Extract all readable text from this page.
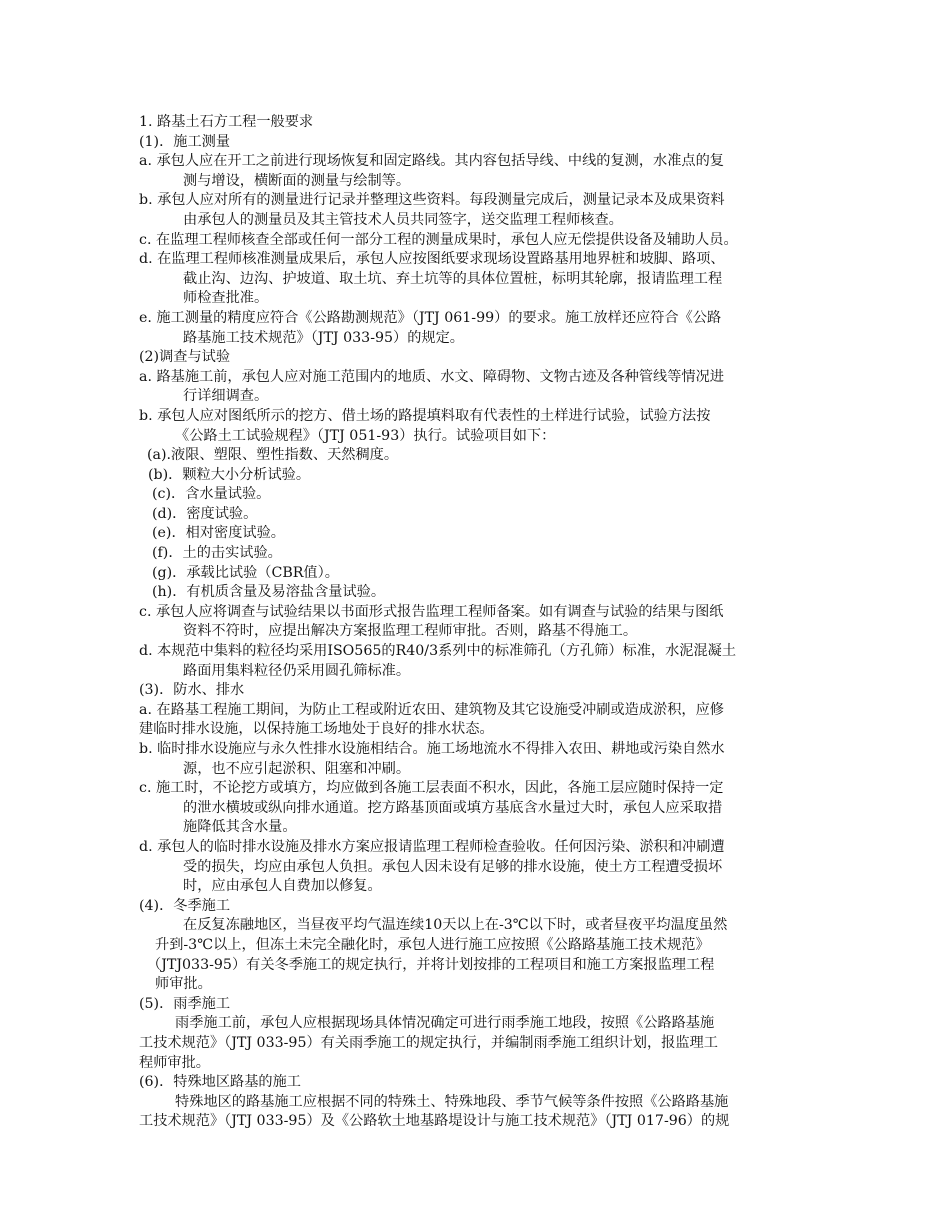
1. 路基土石方工程一般要求
(1)．施工测量
a. 承包人应在开工之前进行现场恢复和固定路线。其内容包括导线、中线的复测，水准点的复
测与增设，横断面的测量与绘制等。
b. 承包人应对所有的测量进行记录并整理这些资料。每段测量完成后，测量记录本及成果资料
由承包人的测量员及其主管技术人员共同签字，送交监理工程师核查。
c. 在监理工程师核查全部或任何一部分工程的测量成果时，承包人应无偿提供设备及辅助人员。
d. 在监理工程师核准测量成果后，承包人应按图纸要求现场设置路基用地界桩和坡脚、路项、
截止沟、边沟、护坡道、取土坑、弃土坑等的具体位置桩，标明其轮廓，报请监理工程
师检查批准。
e. 施工测量的精度应符合《公路勘测规范》（JTJ 061-99）的要求。施工放样还应符合《公路
路基施工技术规范》（JTJ 033-95）的规定。
(2)调查与试验
a. 路基施工前，承包人应对施工范围内的地质、水文、障碍物、文物古迹及各种管线等情况进
行详细调查。
b. 承包人应对图纸所示的挖方、借土场的路提填料取有代表性的土样进行试验，试验方法按
《公路土工试验规程》（JTJ 051-93）执行。试验项目如下：
(a).液限、塑限、塑性指数、天然稠度。
(b)．颗粒大小分析试验。
(c)．含水量试验。
(d)．密度试验。
(e)．相对密度试验。
(f)．土的击实试验。
(g)．承载比试验（CBR值）。
(h)．有机质含量及易溶盐含量试验。
c. 承包人应将调查与试验结果以书面形式报告监理工程师备案。如有调查与试验的结果与图纸
资料不符时，应提出解决方案报监理工程师审批。否则，路基不得施工。
d. 本规范中集料的粒径均采用ISO565的R40/3系列中的标准筛孔（方孔筛）标准，水泥混凝土
路面用集料粒径仍采用圆孔筛标准。
(3)．防水、排水
a. 在路基工程施工期间，为防止工程或附近农田、建筑物及其它设施受冲刷或造成淤积，应修
建临时排水设施，以保持施工场地处于良好的排水状态。
b. 临时排水设施应与永久性排水设施相结合。施工场地流水不得排入农田、耕地或污染自然水
源，也不应引起淤积、阻塞和冲刷。
c. 施工时，不论挖方或填方，均应做到各施工层表面不积水，因此，各施工层应随时保持一定
的泄水横坡或纵向排水通道。挖方路基顶面或填方基底含水量过大时，承包人应采取措
施降低其含水量。
d. 承包人的临时排水设施及排水方案应报请监理工程师检查验收。任何因污染、淤积和冲刷遭
受的损失，均应由承包人负担。承包人因未设有足够的排水设施，使土方工程遭受损坏
时，应由承包人自费加以修复。
(4)．冬季施工
在反复冻融地区，当昼夜平均气温连续10天以上在-3℃以下时，或者昼夜平均温度虽然
升到-3℃以上，但冻土未完全融化时，承包人进行施工应按照《公路路基施工技术规范》
（JTJ033-95）有关冬季施工的规定执行，并将计划按排的工程项目和施工方案报监理工程
师审批。
(5)．雨季施工
雨季施工前，承包人应根据现场具体情况确定可进行雨季施工地段，按照《公路路基施
工技术规范》（JTJ 033-95）有关雨季施工的规定执行，并编制雨季施工组织计划，报监理工
程师审批。
(6)．特殊地区路基的施工
特殊地区的路基施工应根据不同的特殊土、特殊地段、季节气候等条件按照《公路路基施
工技术规范》（JTJ 033-95）及《公路软土地基路堤设计与施工技术规范》（JTJ 017-96）的规
